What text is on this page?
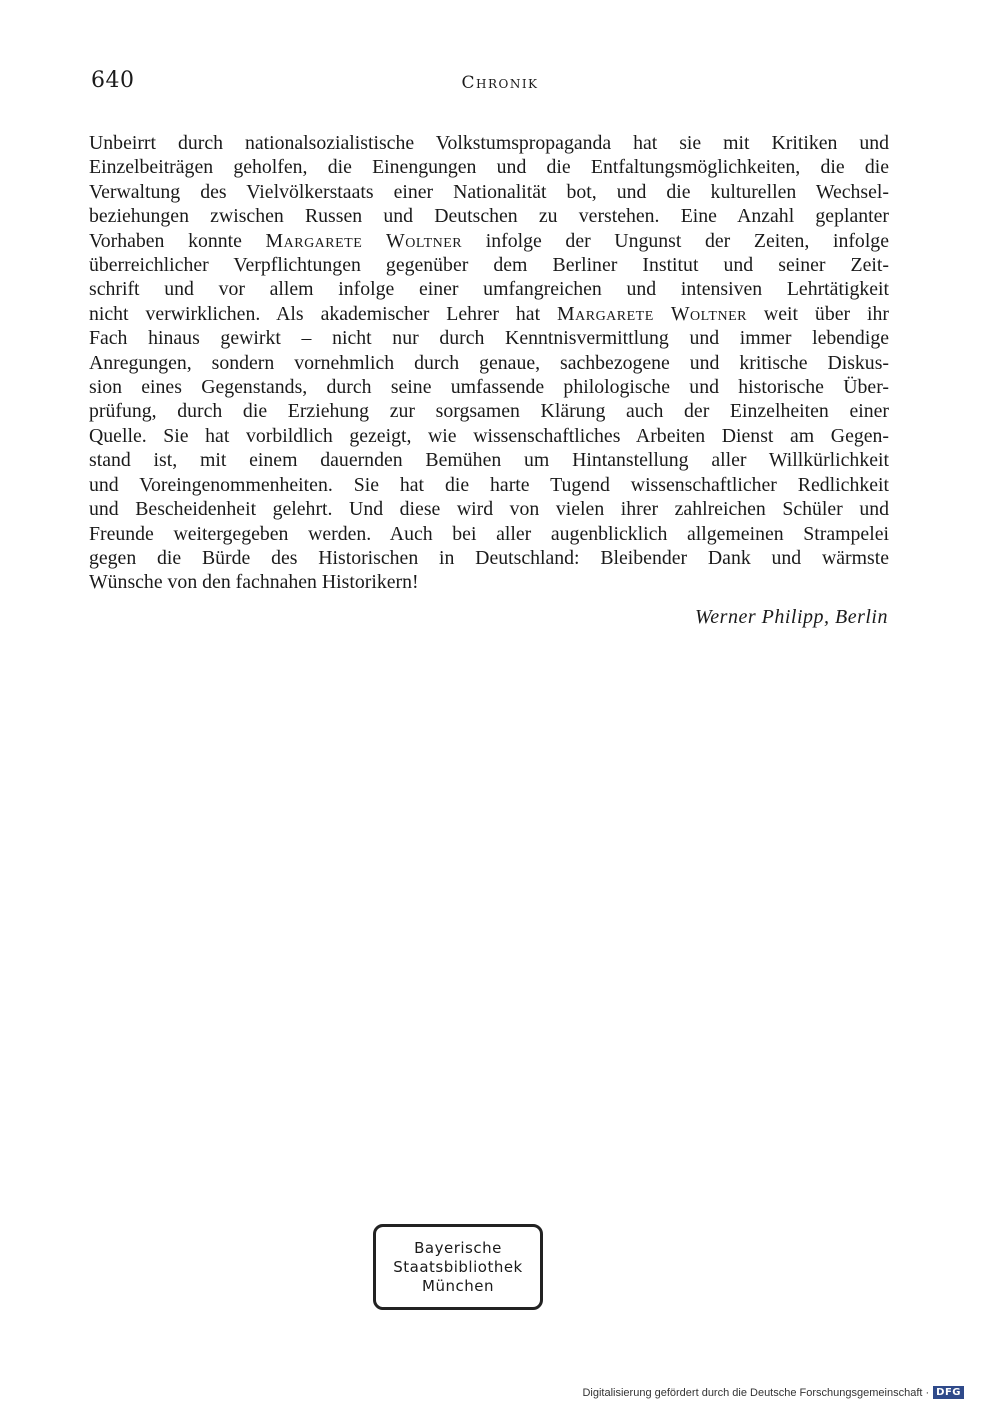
640	Chronik
Unbeirrt durch nationalsozialistische Volkstumspropaganda hat sie mit Kritiken und
Einzelbeiträgen geholfen, die Einengungen und die Entfaltungsmöglichkeiten, die die
Verwaltung des Vielvölkerstaats einer Nationalität bot, und die kulturellen Wechsel-
beziehungen zwischen Russen und Deutschen zu verstehen. Eine Anzahl geplanter
Vorhaben konnte Margarete Woltner infolge der Ungunst der Zeiten, infolge
überreichlicher Verpflichtungen gegenüber dem Berliner Institut und seiner Zeit-
schrift und vor allem infolge einer umfangreichen und intensiven Lehrtätigkeit
nicht verwirklichen. Als akademischer Lehrer hat Margarete Woltner weit über ihr
Fach hinaus gewirkt – nicht nur durch Kenntnisvermittlung und immer lebendige
Anregungen, sondern vornehmlich durch genaue, sachbezogene und kritische Diskus-
sion eines Gegenstands, durch seine umfassende philologische und historische Über-
prüfung, durch die Erziehung zur sorgsamen Klärung auch der Einzelheiten einer
Quelle. Sie hat vorbildlich gezeigt, wie wissenschaftliches Arbeiten Dienst am Gegen-
stand ist, mit einem dauernden Bemühen um Hintanstellung aller Willkürlichkeit
und Voreingenommenheiten. Sie hat die harte Tugend wissenschaftlicher Redlichkeit
und Bescheidenheit gelehrt. Und diese wird von vielen ihrer zahlreichen Schüler und
Freunde weitergegeben werden. Auch bei aller augenblicklich allgemeinen Strampelei
gegen die Bürde des Historischen in Deutschland: Bleibender Dank und wärmste
Wünsche von den fachnahen Historikern!
Werner Philipp, Berlin
Bayerische
Staatsbibliothek
München
Digitalisierung gefördert durch die Deutsche Forschungsgemeinschaft · DFG
